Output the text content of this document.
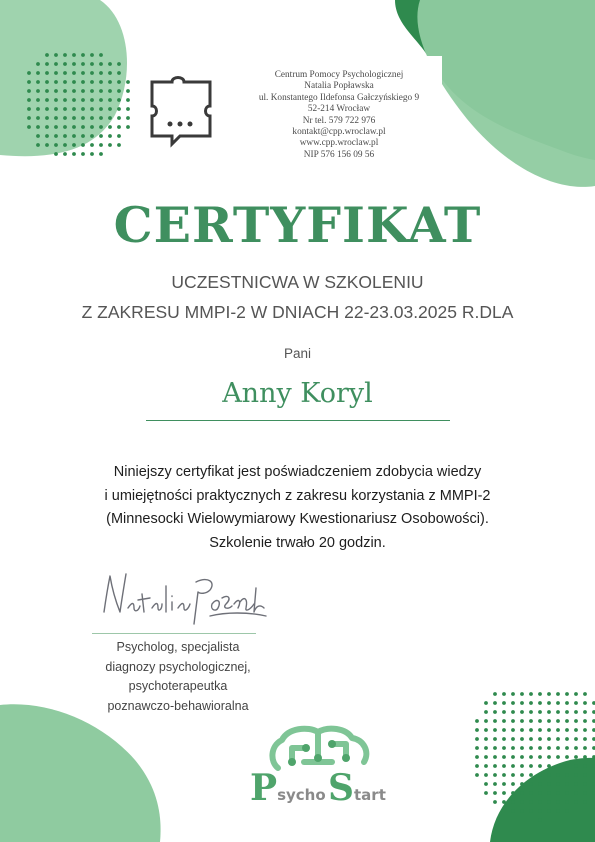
Centrum Pomocy Psychologicznej
Natalia Popławska
ul. Konstantego Ildefonsa Gałczyńskiego 9
52-214 Wrocław
Nr tel. 579 722 976
kontakt@cpp.wroclaw.pl
www.cpp.wroclaw.pl
NIP 576 156 09 56
CERTYFIKAT
UCZESTNICWA W SZKOLENIU
Z ZAKRESU MMPI-2 W DNIACH 22-23.03.2025 R.DLA
Pani
Anny Koryl
Niniejszy certyfikat jest poświadczeniem zdobycia wiedzy
i umiejętności praktycznych z zakresu korzystania z MMPI-2
(Minnesocki Wielowymiarowy Kwestionariusz Osobowości).
Szkolenie trwało 20 godzin.
Psycholog, specjalista
diagnozy psychologicznej,
psychoterapeutka
poznawczo-behawioralna
Psycho Start
